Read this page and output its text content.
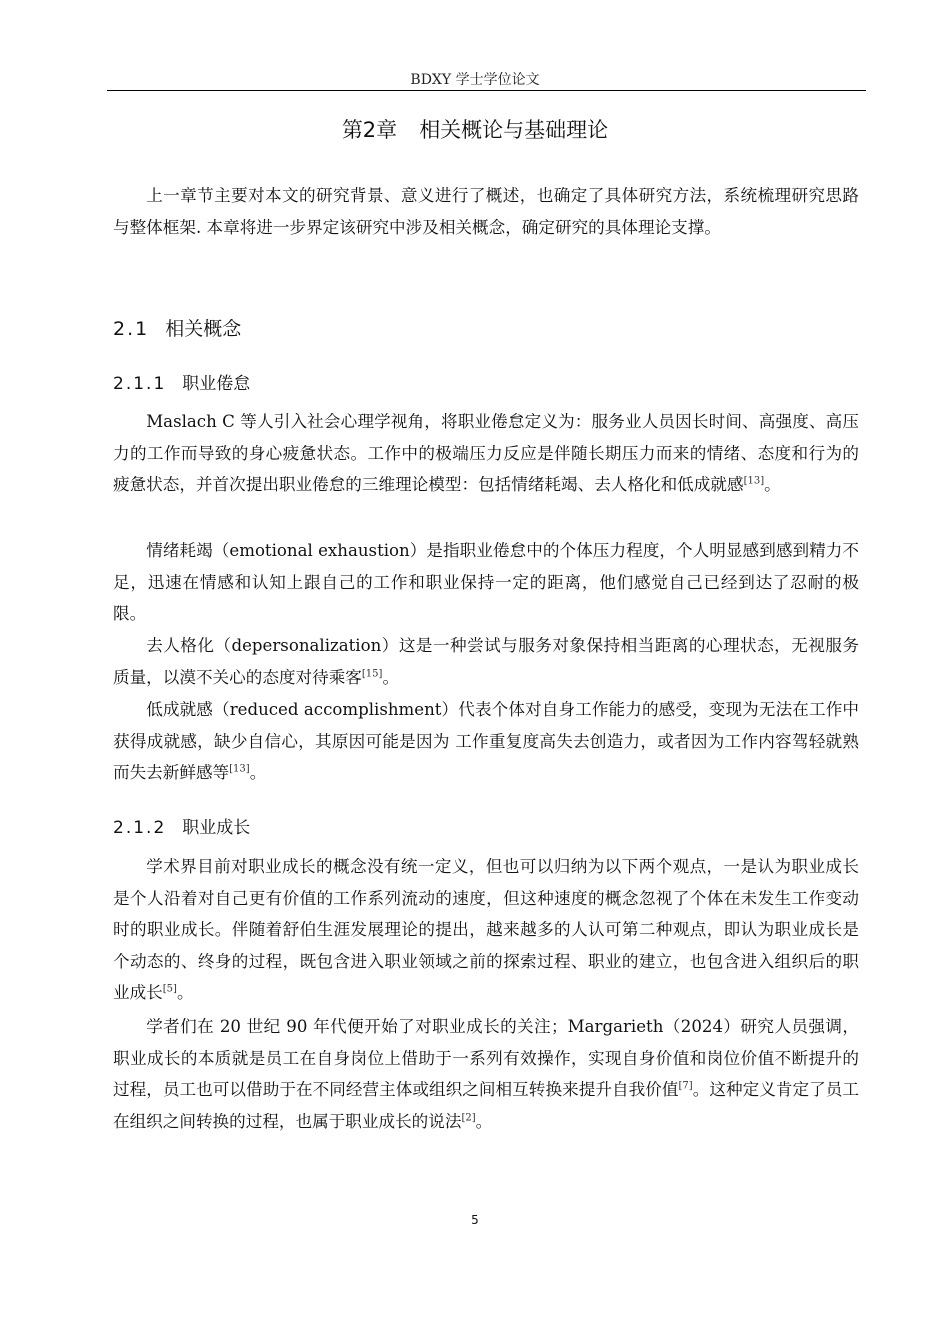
BDXY 学士学位论文
第2章 相关概论与基础理论

上一章节主要对本文的研究背景、意义进行了概述，也确定了具体研究方法，系统梳理研究思路与整体框架. 本章将进一步界定该研究中涉及相关概念，确定研究的具体理论支撑。

2.1 相关概念
2.1.1 职业倦怠

Maslach C 等人引入社会心理学视角，将职业倦怠定义为：服务业人员因长时间、高强度、高压力的工作而导致的身心疲惫状态。工作中的极端压力反应是伴随长期压力而来的情绪、态度和行为的疲惫状态，并首次提出职业倦怠的三维理论模型：包括情绪耗竭、去人格化和低成就感[13]。

情绪耗竭（emotional exhaustion）是指职业倦怠中的个体压力程度，个人明显感到感到精力不足，迅速在情感和认知上跟自己的工作和职业保持一定的距离，他们感觉自己已经到达了忍耐的极限。

去人格化（depersonalization）这是一种尝试与服务对象保持相当距离的心理状态，无视服务质量，以漠不关心的态度对待乘客[15]。

低成就感（reduced accomplishment）代表个体对自身工作能力的感受，变现为无法在工作中获得成就感，缺少自信心，其原因可能是因为 工作重复度高失去创造力，或者因为工作内容驾轻就熟而失去新鲜感等[13]。

2.1.2 职业成长

学术界目前对职业成长的概念没有统一定义，但也可以归纳为以下两个观点，一是认为职业成长是个人沿着对自己更有价值的工作系列流动的速度，但这种速度的概念忽视了个体在未发生工作变动时的职业成长。伴随着舒伯生涯发展理论的提出，越来越多的人认可第二种观点，即认为职业成长是个动态的、终身的过程，既包含进入职业领域之前的探索过程、职业的建立，也包含进入组织后的职业成长[5]。

学者们在 20 世纪 90 年代便开始了对职业成长的关注；Margarieth（2024）研究人员强调，职业成长的本质就是员工在自身岗位上借助于一系列有效操作，实现自身价值和岗位价值不断提升的过程，员工也可以借助于在不同经营主体或组织之间相互转换来提升自我价值[7]。这种定义肯定了员工在组织之间转换的过程，也属于职业成长的说法[2]。

5
